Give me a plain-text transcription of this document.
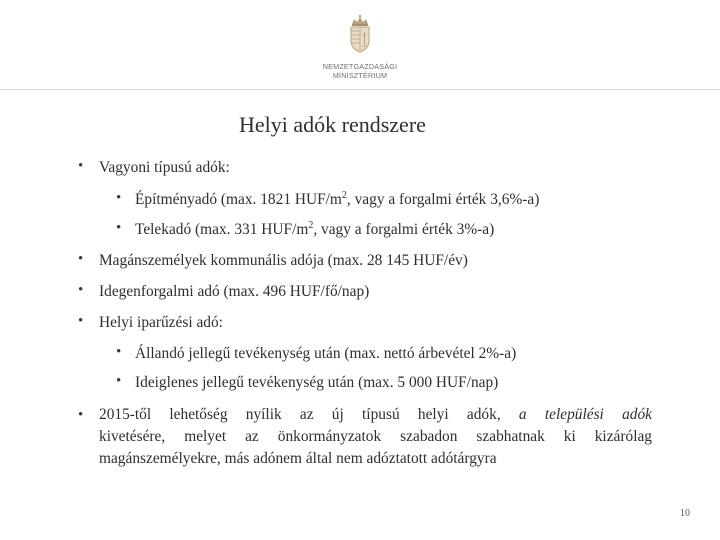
NEMZETGAZDASÁGI
MINISZTÉRIUM
Helyi adók rendszere
• Vagyoni típusú adók:
• Építményadó (max. 1821 HUF/$m^2$, vagy a forgalmi érték 3,6%-a)
• Telekadó (max. 331 HUF/$m^2$, vagy a forgalmi érték 3%-a)
• Magánszemélyek kommunális adója (max. 28 145 HUF/év)
• Idegenforgalmi adó (max. 496 HUF/fő/nap)
• Helyi iparűzési adó:
• Állandó jellegű tevékenység után (max. nettó árbevétel 2%-a)
• Ideiglenes jellegű tevékenység után (max. 5 000 HUF/nap)
• 2015-től lehetőség nyílik az új típusú helyi adók, a települési adók
kivetésére, melyet az önkormányzatok szabadon szabhatnak ki kizárólag
magánszemélyekre, más adónem által nem adóztatott adótárgyra
10
